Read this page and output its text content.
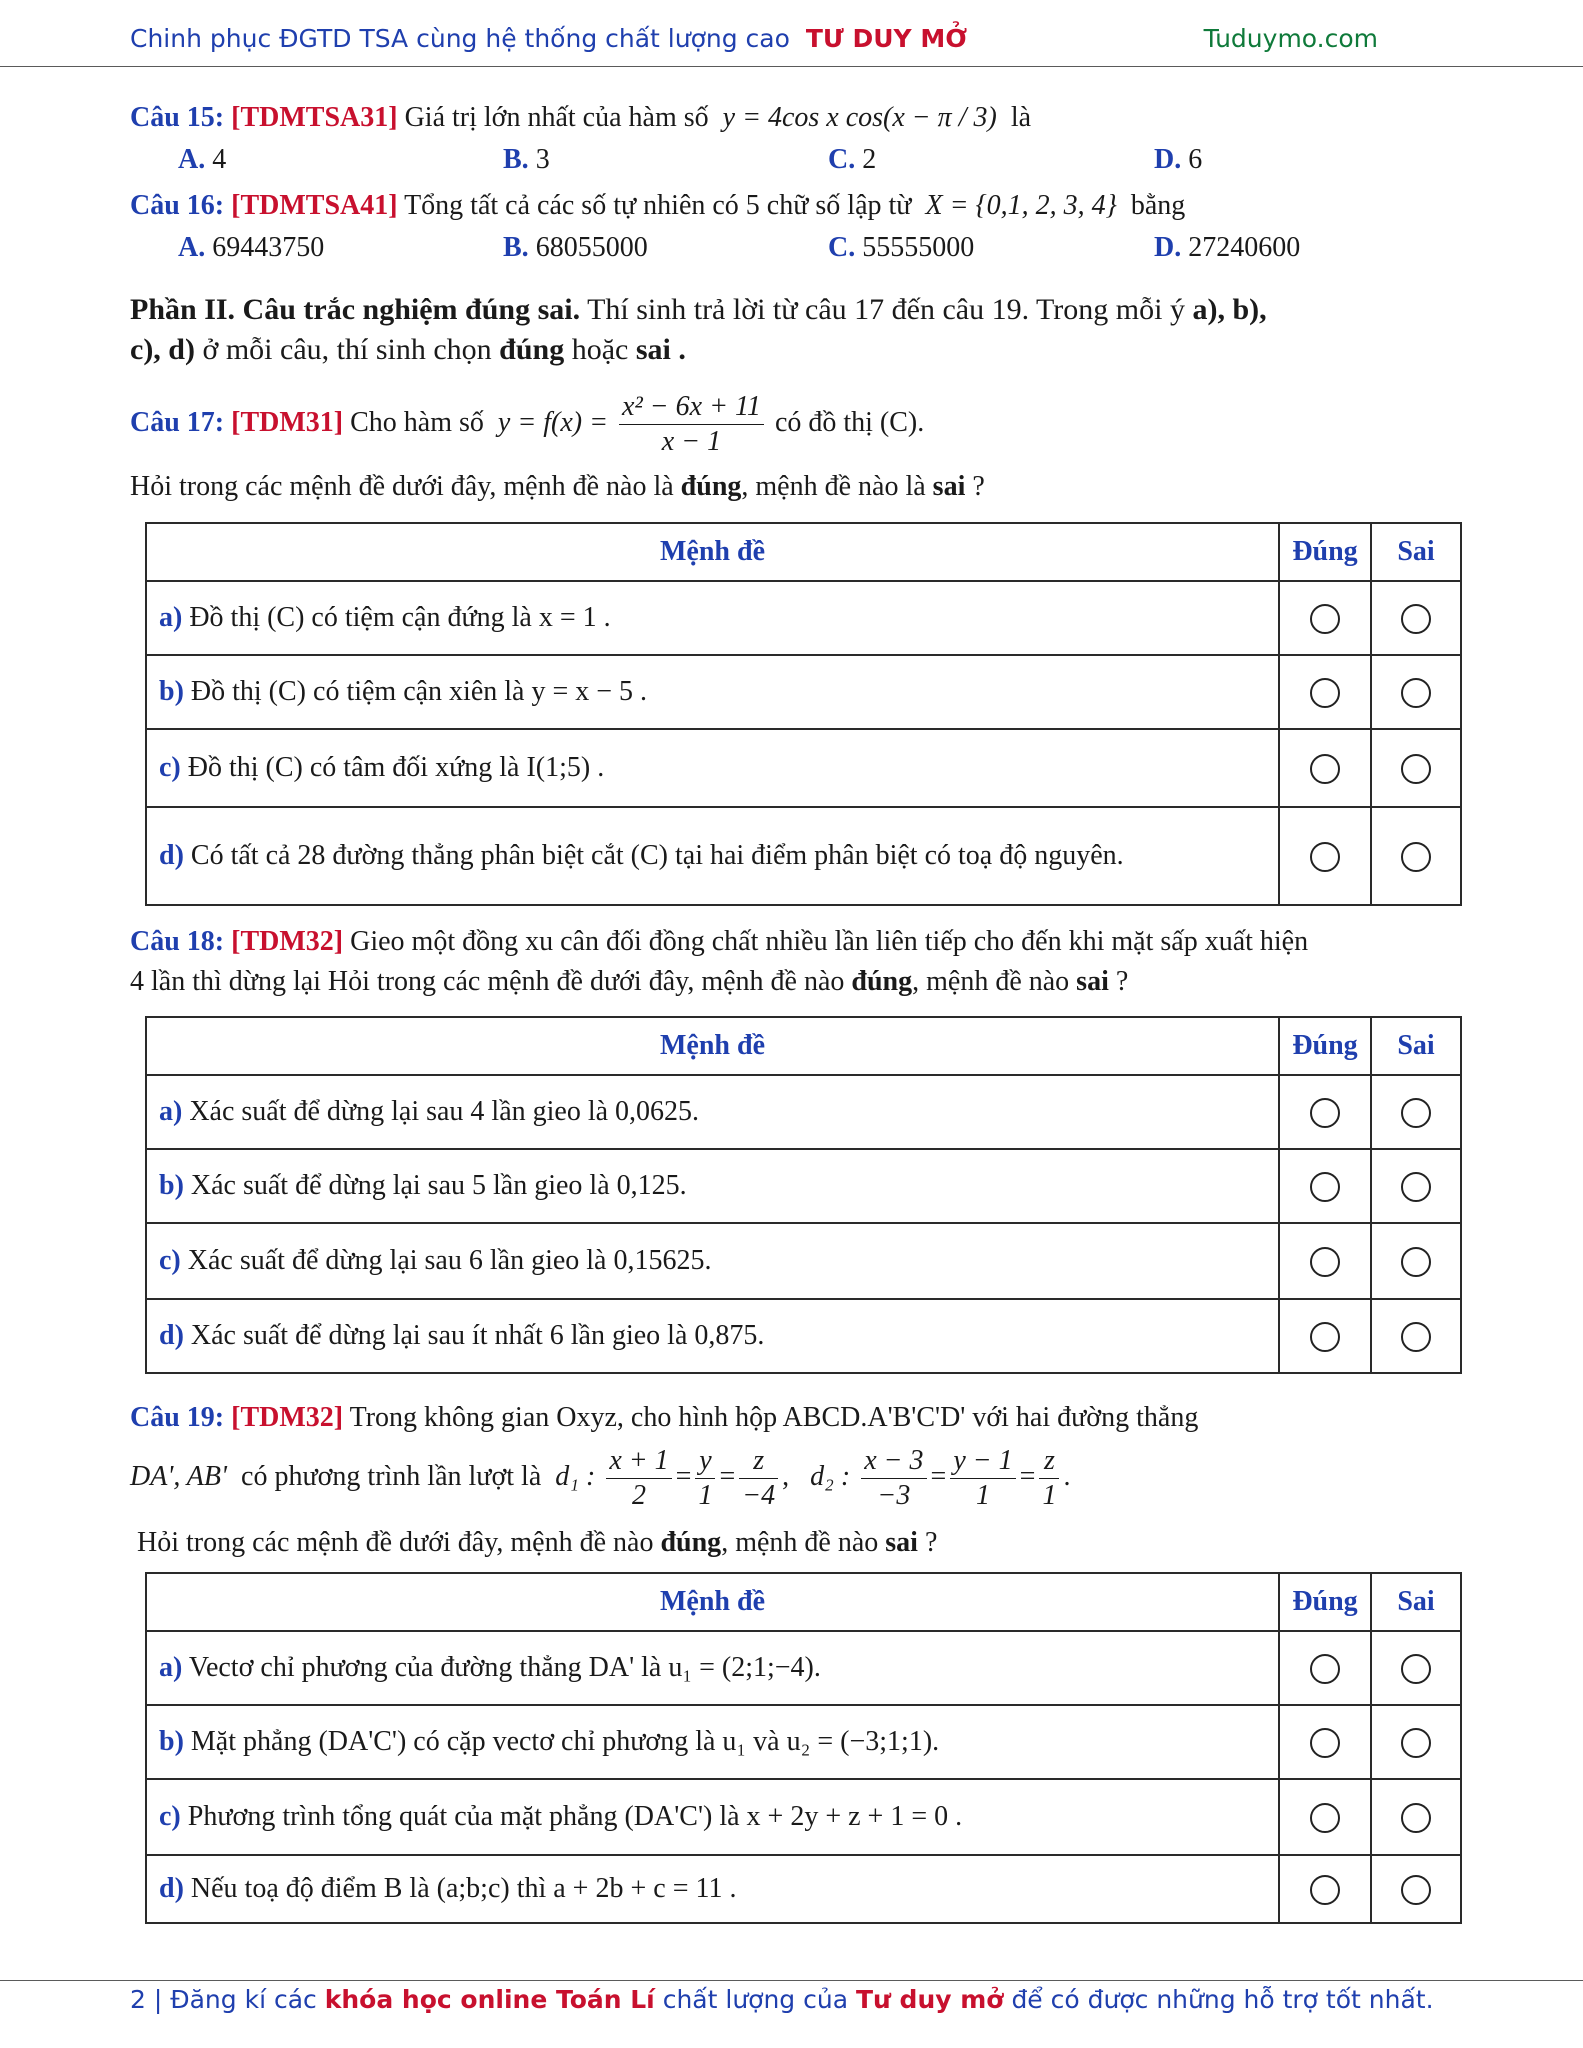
Chinh phục ĐGTD TSA cùng hệ thống chất lượng cao TƯ DUY MỞ	Tuduymo.com
Câu 15: [TDMTSA31] Giá trị lớn nhất của hàm số y = 4cos x cos(x − π / 3) là
A. 4	B. 3	C. 2	D. 6
Câu 16: [TDMTSA41] Tổng tất cả các số tự nhiên có 5 chữ số lập từ X = {0,1, 2, 3, 4} bằng
A. 69443750	B. 68055000	C. 55555000	D. 27240600
Phần II. Câu trắc nghiệm đúng sai. Thí sinh trả lời từ câu 17 đến câu 19. Trong mỗi ý a), b),
c), d) ở mỗi câu, thí sinh chọn đúng hoặc sai .
Câu 17: [TDM31] Cho hàm số $y = f(x) = \frac{\text{x² − 6x + 11}}{x - 1}$ có đồ thị (C).
Hỏi trong các mệnh đề dưới đây, mệnh đề nào là đúng, mệnh đề nào là sai ?
Mệnh đề	Đúng	Sai
a) Đồ thị (C) có tiệm cận đứng là x = 1 .		
b) Đồ thị (C) có tiệm cận xiên là y = x − 5 .		
c) Đồ thị (C) có tâm đối xứng là I(1;5) .		
d) Có tất cả 28 đường thẳng phân biệt cắt (C) tại hai điểm phân biệt có toạ độ nguyên.		
Câu 18: [TDM32] Gieo một đồng xu cân đối đồng chất nhiều lần liên tiếp cho đến khi mặt sấp xuất hiện
4 lần thì dừng lại Hỏi trong các mệnh đề dưới đây, mệnh đề nào đúng, mệnh đề nào sai ?
Mệnh đề	Đúng	Sai
a) Xác suất để dừng lại sau 4 lần gieo là 0,0625.		
b) Xác suất để dừng lại sau 5 lần gieo là 0,125.		
c) Xác suất để dừng lại sau 6 lần gieo là 0,15625.		
d) Xác suất để dừng lại sau ít nhất 6 lần gieo là 0,875.		
Câu 19: [TDM32] Trong không gian Oxyz, cho hình hộp ABCD.A'B'C'D' với hai đường thẳng
DA', AB' có phương trình lần lượt là d₁ : $\frac{x + 1}{2} = \frac{y}{1} = \frac{z}{-4}$ ,   d₂ : $\frac{x - 3}{-3} = \frac{y - 1}{1} = \frac{z}{1}$ .
Hỏi trong các mệnh đề dưới đây, mệnh đề nào đúng, mệnh đề nào sai ?
Mệnh đề	Đúng	Sai
a) Vectơ chỉ phương của đường thẳng DA' là u₁ = (2;1;−4).		
b) Mặt phẳng (DA'C') có cặp vectơ chỉ phương là u₁ và u₂ = (−3;1;1).		
c) Phương trình tổng quát của mặt phẳng (DA'C') là x + 2y + z + 1 = 0 .		
d) Nếu toạ độ điểm B là (a;b;c) thì a + 2b + c = 11 .		
2 | Đăng kí các khóa học online Toán Lí chất lượng của Tư duy mở để có được những hỗ trợ tốt nhất.
